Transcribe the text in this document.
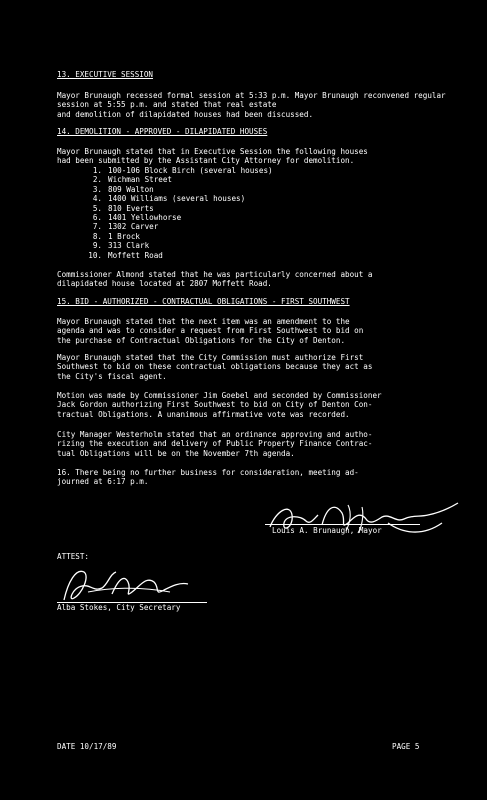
13. EXECUTIVE SESSION
Mayor Brunaugh recessed formal session at 5:33 p.m. Mayor Brunaugh reconvened regular session at 5:55 p.m. and stated that real estate
and demolition of dilapidated houses had been discussed.
14. DEMOLITION - APPROVED - DILAPIDATED HOUSES
Mayor Brunaugh stated that in Executive Session the following houses
had been submitted by the Assistant City Attorney for demolition.
1. 100-106 Block Birch (several houses)
2. Wichman Street
3. 809 Walton
4. 1400 Williams (several houses)
5. 810 Everts
6. 1401 Yellowhorse
7. 1302 Carver
8. 1 Brock
9. 313 Clark
10. Moffett Road
Commissioner Almond stated that he was particularly concerned about a
dilapidated house located at 2807 Moffett Road.
15. BID - AUTHORIZED - CONTRACTUAL OBLIGATIONS - FIRST SOUTHWEST
Mayor Brunaugh stated that the next item was an amendment to the
agenda and was to consider a request from First Southwest to bid on
the purchase of Contractual Obligations for the City of Denton.
Mayor Brunaugh stated that the City Commission must authorize First
Southwest to bid on these contractual obligations because they act as
the City's fiscal agent.
Motion was made by Commissioner Jim Goebel and seconded by Commissioner
Jack Gordon authorizing First Southwest to bid on City of Denton Con-
tractual Obligations. A unanimous affirmative vote was recorded.
City Manager Westerholm stated that an ordinance approving and autho-
rizing the execution and delivery of Public Property Finance Contrac-
tual Obligations will be on the November 7th agenda.
16. There being no further business for consideration, meeting ad-
journed at 6:17 p.m.
Louis A. Brunaugh, Mayor
ATTEST:
Alba Stokes, City Secretary
DATE 10/17/89	PAGE 5
